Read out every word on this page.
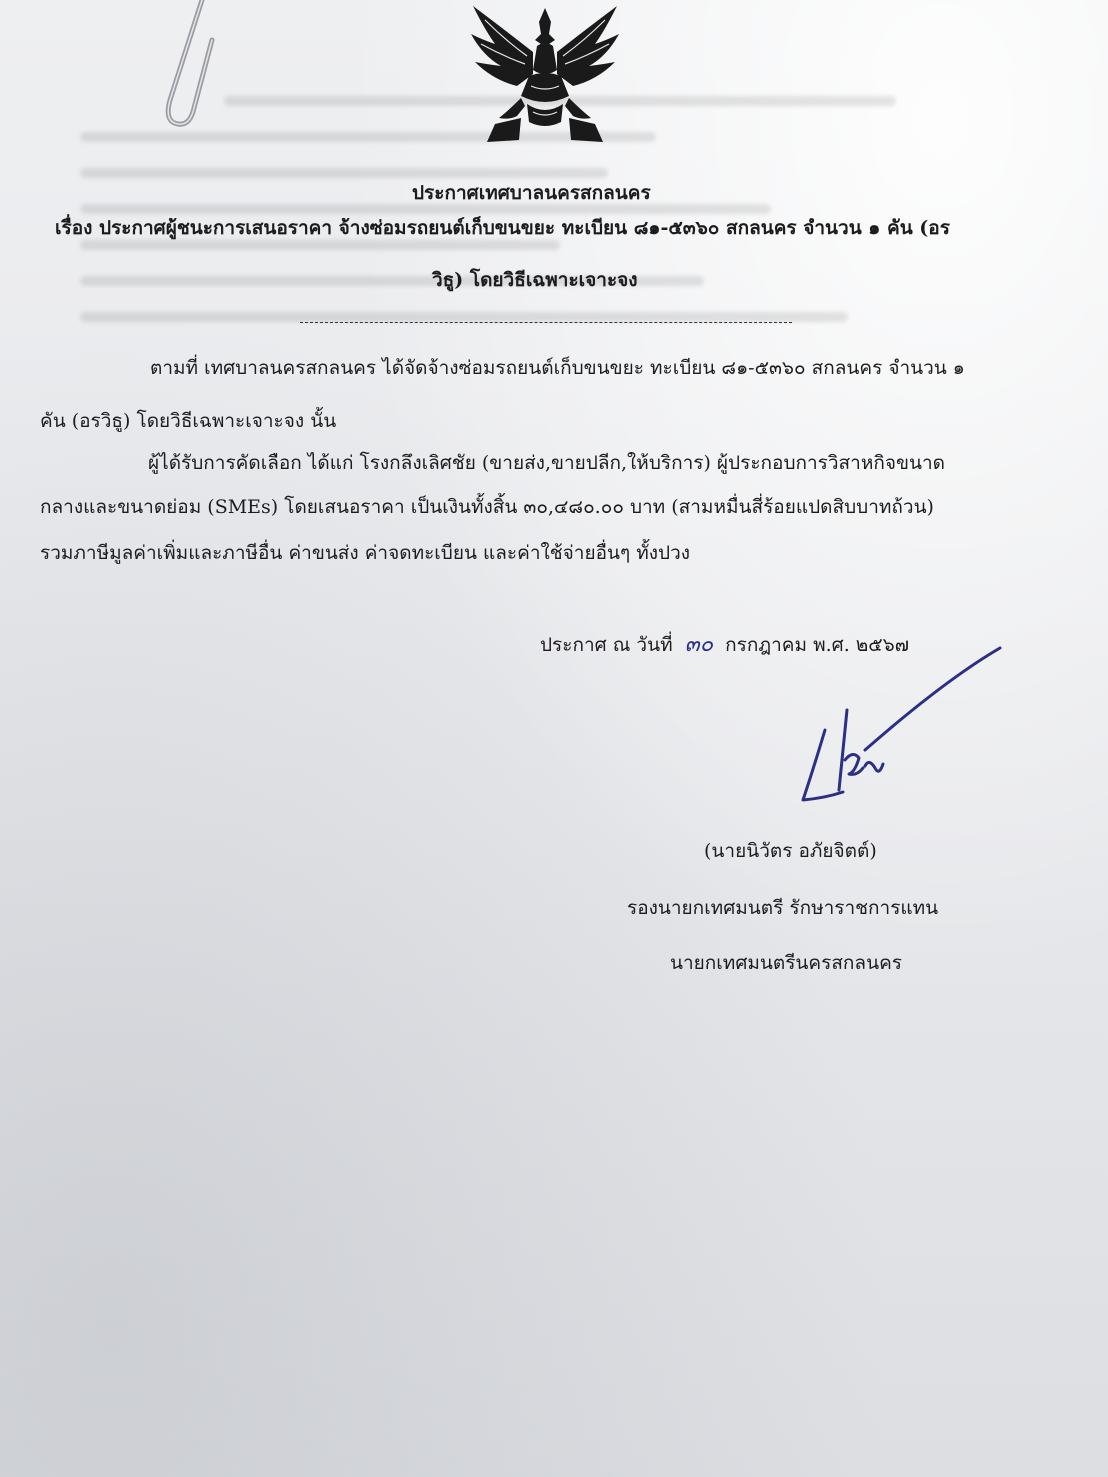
ประกาศเทศบาลนครสกลนคร
เรื่อง ประกาศผู้ชนะการเสนอราคา จ้างซ่อมรถยนต์เก็บขนขยะ ทะเบียน ๘๑-๕๓๖๐ สกลนคร จำนวน ๑ คัน (อร
วิธู) โดยวิธีเฉพาะเจาะจง
ตามที่ เทศบาลนครสกลนคร ได้จัดจ้างซ่อมรถยนต์เก็บขนขยะ ทะเบียน ๘๑-๕๓๖๐ สกลนคร จำนวน ๑
คัน (อรวิธู) โดยวิธีเฉพาะเจาะจง นั้น
ผู้ได้รับการคัดเลือก ได้แก่ โรงกลึงเลิศชัย (ขายส่ง,ขายปลีก,ให้บริการ) ผู้ประกอบการวิสาหกิจขนาด
กลางและขนาดย่อม (SMEs) โดยเสนอราคา เป็นเงินทั้งสิ้น ๓๐,๔๘๐.๐๐ บาท (สามหมื่นสี่ร้อยแปดสิบบาทถ้วน)
รวมภาษีมูลค่าเพิ่มและภาษีอื่น ค่าขนส่ง ค่าจดทะเบียน และค่าใช้จ่ายอื่นๆ ทั้งปวง
ประกาศ ณ วันที่ ๓๐ กรกฎาคม พ.ศ. ๒๕๖๗
(นายนิวัตร อภัยจิตต์)
รองนายกเทศมนตรี รักษาราชการแทน
นายกเทศมนตรีนครสกลนคร
